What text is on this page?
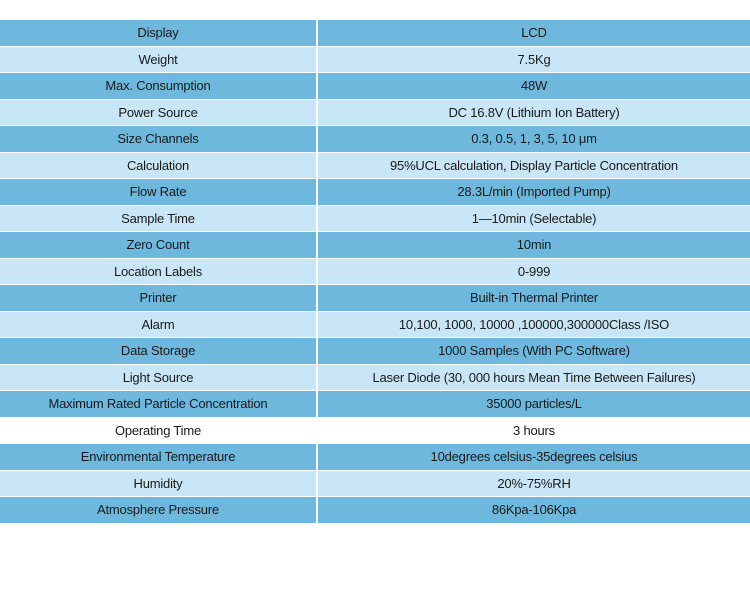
Display	LCD
Weight	7.5Kg
Max. Consumption	48W
Power Source	DC 16.8V (Lithium Ion Battery)
Size Channels	0.3, 0.5, 1, 3, 5, 10 μm
Calculation	95%UCL calculation, Display Particle Concentration
Flow Rate	28.3L/min (Imported Pump)
Sample Time	1—10min (Selectable)
Zero Count	10min
Location Labels	0-999
Printer	Built-in Thermal Printer
Alarm	10,100, 1000, 10000 ,100000,300000Class /ISO
Data Storage	1000 Samples (With PC Software)
Light Source	Laser Diode (30, 000 hours Mean Time Between Failures)
Maximum Rated Particle Concentration	35000 particles/L
Operating Time	3 hours
Environmental Temperature	10degrees celsius-35degrees celsius
Humidity	20%-75%RH
Atmosphere Pressure	86Kpa-106Kpa
